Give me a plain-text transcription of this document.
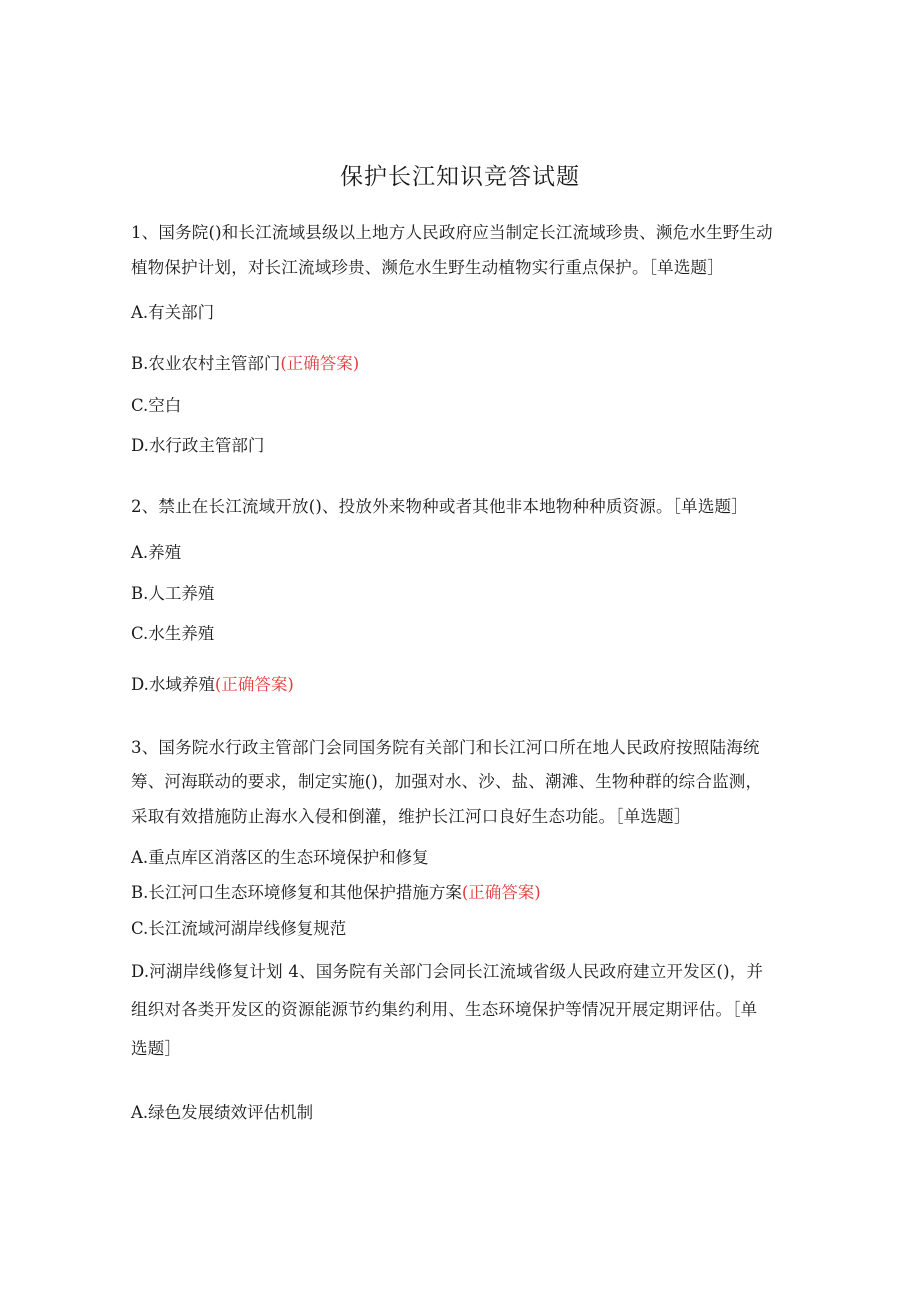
保护长江知识竞答试题
1、国务院()和长江流域县级以上地方人民政府应当制定长江流域珍贵、濒危水生野生动
植物保护计划，对长江流域珍贵、濒危水生野生动植物实行重点保护。［单选题］
A.有关部门
B.农业农村主管部门(正确答案)
C.空白
D.水行政主管部门
2、禁止在长江流域开放()、投放外来物种或者其他非本地物种种质资源。［单选题］
A.养殖
B.人工养殖
C.水生养殖
D.水域养殖(正确答案)
3、国务院水行政主管部门会同国务院有关部门和长江河口所在地人民政府按照陆海统
筹、河海联动的要求，制定实施()，加强对水、沙、盐、潮滩、生物种群的综合监测，
采取有效措施防止海水入侵和倒灌，维护长江河口良好生态功能。［单选题］
A.重点库区消落区的生态环境保护和修复
B.长江河口生态环境修复和其他保护措施方案(正确答案)
C.长江流域河湖岸线修复规范
D.河湖岸线修复计划 4、国务院有关部门会同长江流域省级人民政府建立开发区()，并
组织对各类开发区的资源能源节约集约利用、生态环境保护等情况开展定期评估。［单
选题］
A.绿色发展绩效评估机制
